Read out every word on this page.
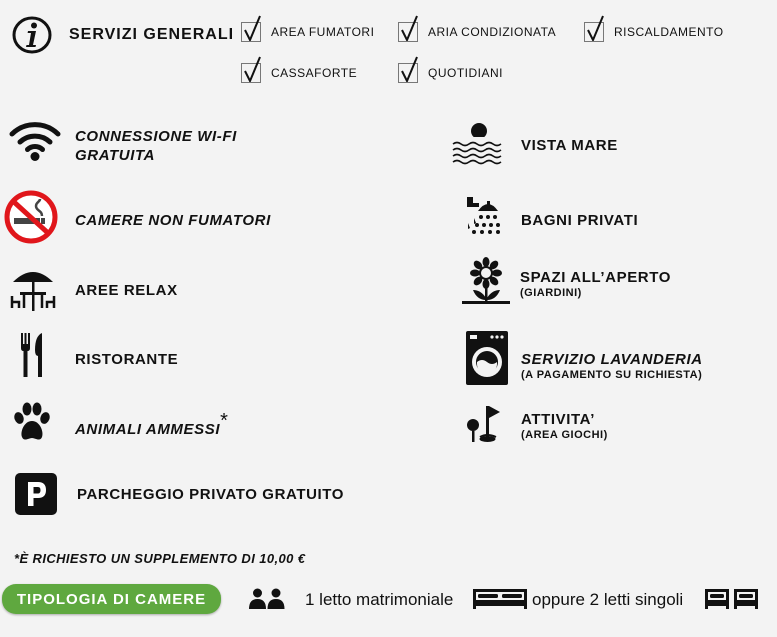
SERVIZI GENERALI	AREA FUMATORI	ARIA CONDIZIONATA	RISCALDAMENTO
CASSAFORTE	QUOTIDIANI
CONNESSIONE WI-FI
GRATUITA
CAMERE NON FUMATORI
AREE RELAX
RISTORANTE
ANIMALI AMMESSI*
PARCHEGGIO PRIVATO GRATUITO
VISTA MARE
BAGNI PRIVATI
SPAZI ALL’APERTO
(GIARDINI)
SERVIZIO LAVANDERIA
(A PAGAMENTO SU RICHIESTA)
ATTIVITA’
(AREA GIOCHI)
*È RICHIESTO UN SUPPLEMENTO DI 10,00 €
TIPOLOGIA DI CAMERE	1 letto matrimoniale	oppure 2 letti singoli
